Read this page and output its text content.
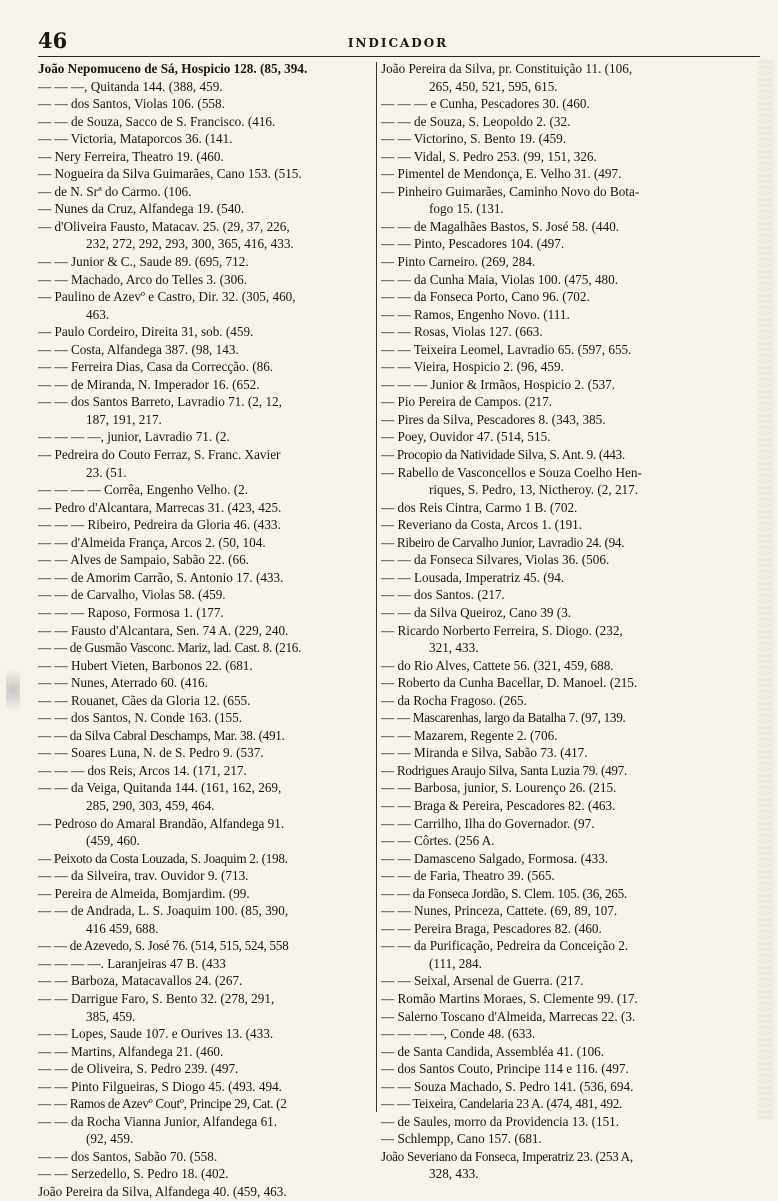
46	INDICADOR
João Nepomuceno de Sá, Hospicio 128. (85, 394.
— — —, Quitanda 144. (388, 459.
— — dos Santos, Violas 106. (558.
— — de Souza, Sacco de S. Francisco. (416.
— — Victoria, Mataporcos 36. (141.
— Nery Ferreira, Theatro 19. (460.
— Nogueira da Silva Guimarães, Cano 153. (515.
— de N. Srª do Carmo. (106.
— Nunes da Cruz, Alfandega 19. (540.
— d'Oliveira Fausto, Matacav. 25. (29, 37, 226,
232, 272, 292, 293, 300, 365, 416, 433.
— — Junior & C., Saude 89. (695, 712.
— — Machado, Arco do Telles 3. (306.
— Paulino de Azevº e Castro, Dir. 32. (305, 460,
463.
— Paulo Cordeiro, Direita 31, sob. (459.
— — Costa, Alfandega 387. (98, 143.
— — Ferreira Dias, Casa da Correcção. (86.
— — de Miranda, N. Imperador 16. (652.
— — dos Santos Barreto, Lavradio 71. (2, 12,
187, 191, 217.
— — — —, junior, Lavradio 71. (2.
— Pedreira do Couto Ferraz, S. Franc. Xavier
23. (51.
— — — — Corrêa, Engenho Velho. (2.
— Pedro d'Alcantara, Marrecas 31. (423, 425.
— — — Ribeiro, Pedreira da Gloria 46. (433.
— — d'Almeida França, Arcos 2. (50, 104.
— — Alves de Sampaio, Sabão 22. (66.
— — de Amorim Carrão, S. Antonio 17. (433.
— — de Carvalho, Violas 58. (459.
— — — Raposo, Formosa 1. (177.
— — Fausto d'Alcantara, Sen. 74 A. (229, 240.
— — de Gusmão Vasconc. Mariz, lad. Cast. 8. (216.
— — Hubert Vieten, Barbonos 22. (681.
— — Nunes, Aterrado 60. (416.
— — Rouanet, Cães da Gloria 12. (655.
— — dos Santos, N. Conde 163. (155.
— — da Silva Cabral Deschamps, Mar. 38. (491.
— — Soares Luna, N. de S. Pedro 9. (537.
— — — dos Reis, Arcos 14. (171, 217.
— — da Veiga, Quitanda 144. (161, 162, 269,
285, 290, 303, 459, 464.
— Pedroso do Amaral Brandão, Alfandega 91.
(459, 460.
— Peixoto da Costa Louzada, S. Joaquim 2. (198.
— — da Silveira, trav. Ouvidor 9. (713.
— Pereira de Almeida, Bomjardim. (99.
— — de Andrada, L. S. Joaquim 100. (85, 390,
416 459, 688.
— — de Azevedo, S. José 76. (514, 515, 524, 558
— — — —. Laranjeiras 47 B. (433
— — Barboza, Matacavallos 24. (267.
— — Darrigue Faro, S. Bento 32. (278, 291,
385, 459.
— — Lopes, Saude 107. e Ourives 13. (433.
— — Martins, Alfandega 21. (460.
— — de Oliveira, S. Pedro 239. (497.
— — Pinto Filgueiras, S Diogo 45. (493. 494.
— — Ramos de Azevº Coutº, Principe 29, Cat. (2
— — da Rocha Vianna Junior, Alfandega 61.
(92, 459.
— — dos Santos, Sabão 70. (558.
— — Serzedello, S. Pedro 18. (402.
João Pereira da Silva, Alfandega 40. (459, 463.
João Pereira da Silva, pr. Constituição 11. (106,
265, 450, 521, 595, 615.
— — — e Cunha, Pescadores 30. (460.
— — de Souza, S. Leopoldo 2. (32.
— — Victorino, S. Bento 19. (459.
— — Vidal, S. Pedro 253. (99, 151, 326.
— Pimentel de Mendonça, E. Velho 31. (497.
— Pinheiro Guimarães, Caminho Novo do Bota-
fogo 15. (131.
— — de Magalhães Bastos, S. José 58. (440.
— — Pinto, Pescadores 104. (497.
— Pinto Carneiro. (269, 284.
— — da Cunha Maia, Violas 100. (475, 480.
— — da Fonseca Porto, Cano 96. (702.
— — Ramos, Engenho Novo. (111.
— — Rosas, Violas 127. (663.
— — Teixeira Leomel, Lavradio 65. (597, 655.
— — Vieira, Hospicio 2. (96, 459.
— — — Junior & Irmãos, Hospicio 2. (537.
— Pio Pereira de Campos. (217.
— Pires da Silva, Pescadores 8. (343, 385.
— Poey, Ouvidor 47. (514, 515.
— Procopio da Natividade Silva, S. Ant. 9. (443.
— Rabello de Vasconcellos e Souza Coelho Hen-
riques, S. Pedro, 13, Nictheroy. (2, 217.
— dos Reis Cintra, Carmo 1 B. (702.
— Reveriano da Costa, Arcos 1. (191.
— Ribeiro de Carvalho Junior, Lavradio 24. (94.
— — da Fonseca Silvares, Violas 36. (506.
— — Lousada, Imperatriz 45. (94.
— — dos Santos. (217.
— — da Silva Queiroz, Cano 39 (3.
— Ricardo Norberto Ferreira, S. Diogo. (232,
321, 433.
— do Rio Alves, Cattete 56. (321, 459, 688.
— Roberto da Cunha Bacellar, D. Manoel. (215.
— da Rocha Fragoso. (265.
— — Mascarenhas, largo da Batalha 7. (97, 139.
— — Mazarem, Regente 2. (706.
— — Miranda e Silva, Sabão 73. (417.
— Rodrigues Araujo Silva, Santa Luzia 79. (497.
— — Barbosa, junior, S. Lourenço 26. (215.
— — Braga & Pereira, Pescadores 82. (463.
— — Carrilho, Ilha do Governador. (97.
— — Côrtes. (256 A.
— — Damasceno Salgado, Formosa. (433.
— — de Faria, Theatro 39. (565.
— — da Fonseca Jordão, S. Clem. 105. (36, 265.
— — Nunes, Princeza, Cattete. (69, 89, 107.
— — Pereira Braga, Pescadores 82. (460.
— — da Purificação, Pedreira da Conceição 2.
(111, 284.
— — Seixal, Arsenal de Guerra. (217.
— Romão Martins Moraes, S. Clemente 99. (17.
— Salerno Toscano d'Almeida, Marrecas 22. (3.
— — — —, Conde 48. (633.
— de Santa Candida, Assembléa 41. (106.
— dos Santos Couto, Principe 114 e 116. (497.
— — Souza Machado, S. Pedro 141. (536, 694.
— — Teixeira, Candelaria 23 A. (474, 481, 492.
— de Saules, morro da Providencia 13. (151.
— Schlempp, Cano 157. (681.
João Severiano da Fonseca, Imperatriz 23. (253 A,
328, 433.
